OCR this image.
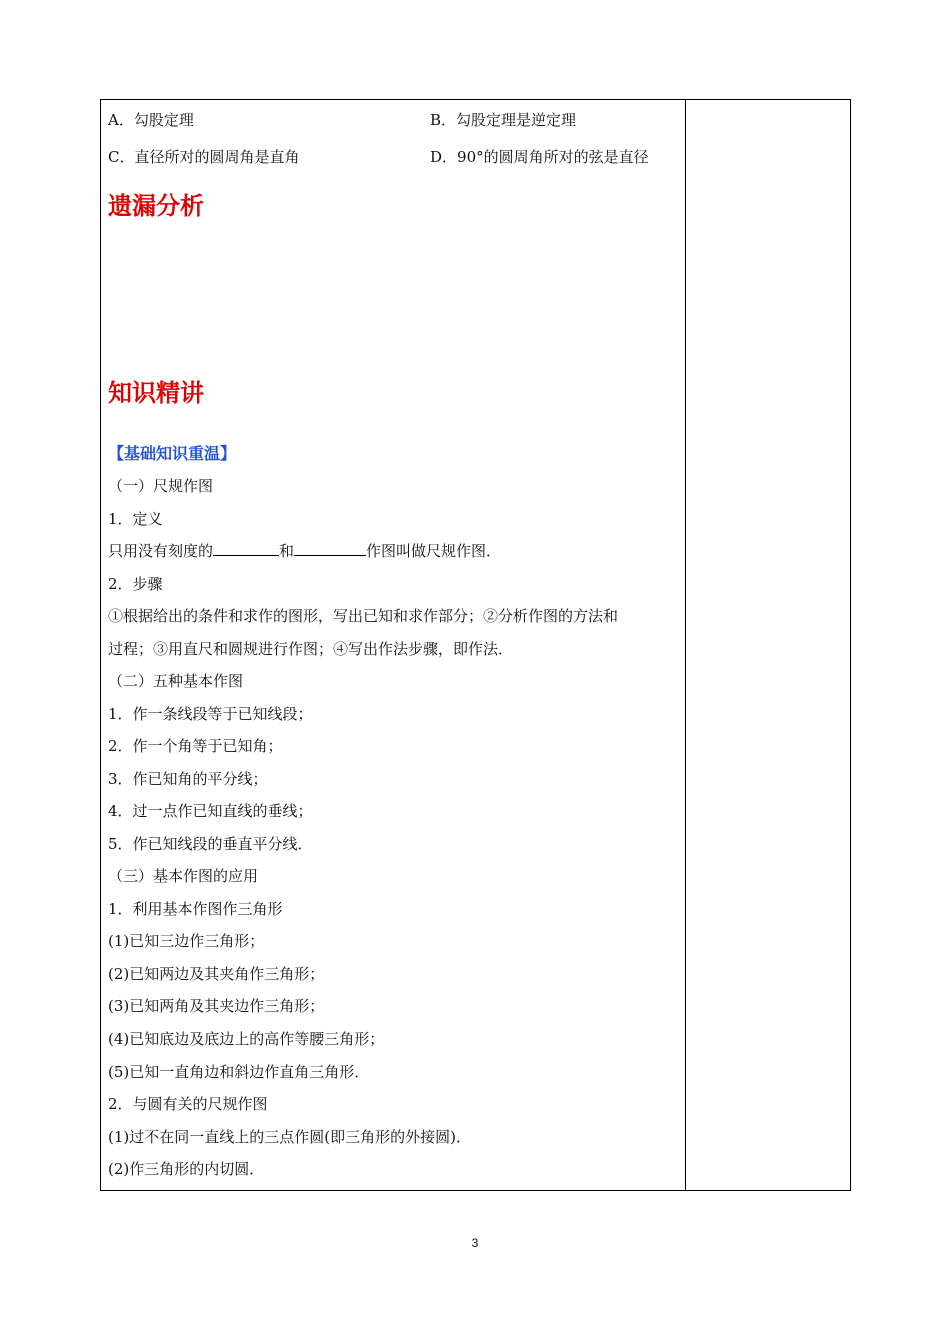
A．勾股定理	B．勾股定理是逆定理
C．直径所对的圆周角是直角	D．90°的圆周角所对的弦是直径
遗漏分析
知识精讲
【基础知识重温】
（一）尺规作图
1．定义
只用没有刻度的	和	作图叫做尺规作图．
2．步骤
①根据给出的条件和求作的图形，写出已知和求作部分；②分析作图的方法和
过程；③用直尺和圆规进行作图；④写出作法步骤，即作法．
（二）五种基本作图
1．作一条线段等于已知线段；
2．作一个角等于已知角；
3．作已知角的平分线；
4．过一点作已知直线的垂线；
5．作已知线段的垂直平分线．
（三）基本作图的应用
1．利用基本作图作三角形
(1)已知三边作三角形；
(2)已知两边及其夹角作三角形；
(3)已知两角及其夹边作三角形；
(4)已知底边及底边上的高作等腰三角形；
(5)已知一直角边和斜边作直角三角形．
2．与圆有关的尺规作图
(1)过不在同一直线上的三点作圆(即三角形的外接圆)．
(2)作三角形的内切圆．
3
